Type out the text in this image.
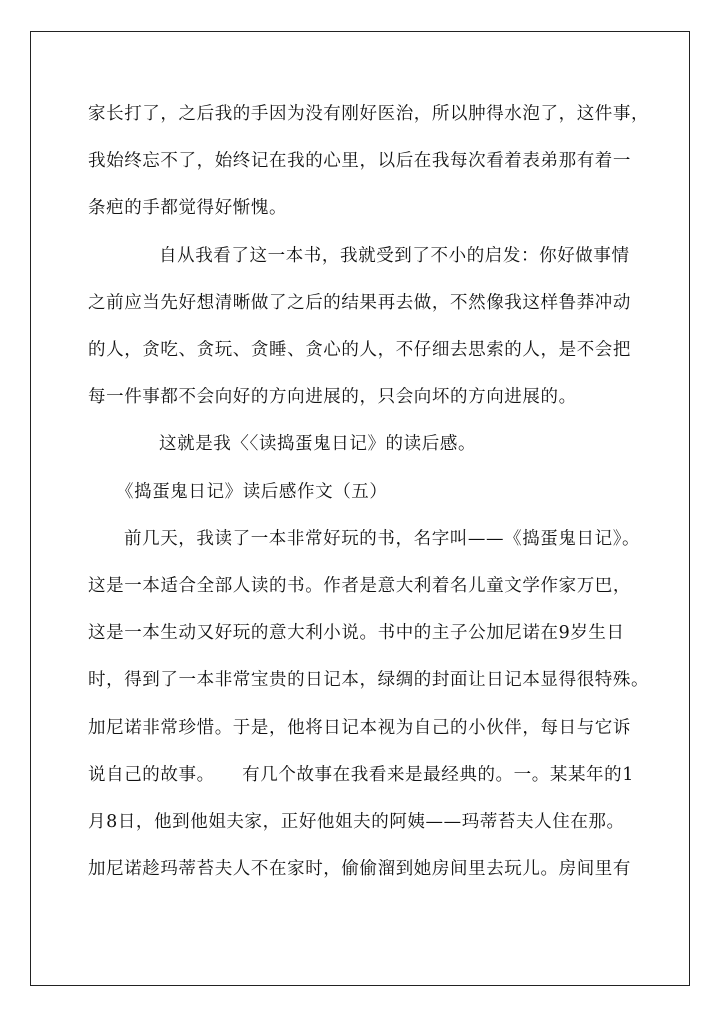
家长打了，之后我的手因为没有刚好医治，所以肿得水泡了，这件事，
我始终忘不了，始终记在我的心里，以后在我每次看着表弟那有着一
条疤的手都觉得好惭愧。
自从我看了这一本书，我就受到了不小的启发：你好做事情
之前应当先好想清晰做了之后的结果再去做，不然像我这样鲁莽冲动
的人，贪吃、贪玩、贪睡、贪心的人，不仔细去思索的人，是不会把
每一件事都不会向好的方向进展的，只会向坏的方向进展的。
这就是我〈〈读捣蛋鬼日记》的读后感。
《捣蛋鬼日记》读后感作文（五）
前几天，我读了一本非常好玩的书，名字叫——《捣蛋鬼日记》。
这是一本适合全部人读的书。作者是意大利着名儿童文学作家万巴，
这是一本生动又好玩的意大利小说。书中的主子公加尼诺在9岁生日
时，得到了一本非常宝贵的日记本，绿绸的封面让日记本显得很特殊。
加尼诺非常珍惜。于是，他将日记本视为自己的小伙伴，每日与它诉
说自己的故事。　　有几个故事在我看来是最经典的。一。某某年的1
月8日，他到他姐夫家，正好他姐夫的阿姨——玛蒂苔夫人住在那。
加尼诺趁玛蒂苔夫人不在家时，偷偷溜到她房间里去玩儿。房间里有
